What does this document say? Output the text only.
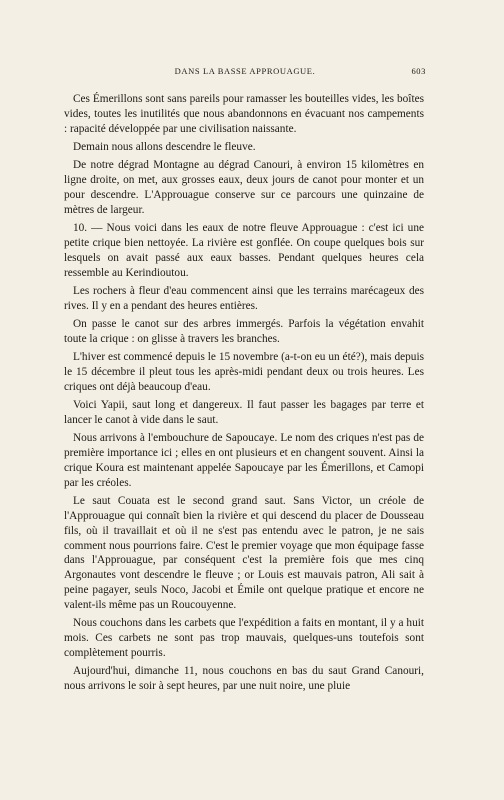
DANS LA BASSE APPROUAGUE.	603

Ces Émerillons sont sans pareils pour ramasser les bouteilles vides, les boîtes vides, toutes les inutilités que nous abandonnons en évacuant nos campements : rapacité développée par une civilisation naissante.

Demain nous allons descendre le fleuve.

De notre dégrad Montagne au dégrad Canouri, à environ 15 kilomètres en ligne droite, on met, aux grosses eaux, deux jours de canot pour monter et un pour descendre. L'Approuague conserve sur ce parcours une quinzaine de mètres de largeur.

10. — Nous voici dans les eaux de notre fleuve Approuague : c'est ici une petite crique bien nettoyée. La rivière est gonflée. On coupe quelques bois sur lesquels on avait passé aux eaux basses. Pendant quelques heures cela ressemble au Kerindioutou.

Les rochers à fleur d'eau commencent ainsi que les terrains marécageux des rives. Il y en a pendant des heures entières.

On passe le canot sur des arbres immergés. Parfois la végétation envahit toute la crique : on glisse à travers les branches.

L'hiver est commencé depuis le 15 novembre (a-t-on eu un été?), mais depuis le 15 décembre il pleut tous les après-midi pendant deux ou trois heures. Les criques ont déjà beaucoup d'eau.

Voici Yapii, saut long et dangereux. Il faut passer les bagages par terre et lancer le canot à vide dans le saut.

Nous arrivons à l'embouchure de Sapoucaye. Le nom des criques n'est pas de première importance ici ; elles en ont plusieurs et en changent souvent. Ainsi la crique Koura est maintenant appelée Sapoucaye par les Émerillons, et Camopi par les créoles.

Le saut Couata est le second grand saut. Sans Victor, un créole de l'Approuague qui connaît bien la rivière et qui descend du placer de Dousseau fils, où il travaillait et où il ne s'est pas entendu avec le patron, je ne sais comment nous pourrions faire. C'est le premier voyage que mon équipage fasse dans l'Approuague, par conséquent c'est la première fois que mes cinq Argonautes vont descendre le fleuve ; or Louis est mauvais patron, Ali sait à peine pagayer, seuls Noco, Jacobi et Émile ont quelque pratique et encore ne valent-ils même pas un Roucouyenne.

Nous couchons dans les carbets que l'expédition a faits en montant, il y a huit mois. Ces carbets ne sont pas trop mauvais, quelques-uns toutefois sont complètement pourris.

Aujourd'hui, dimanche 11, nous couchons en bas du saut Grand Canouri, nous arrivons le soir à sept heures, par une nuit noire, une pluie
